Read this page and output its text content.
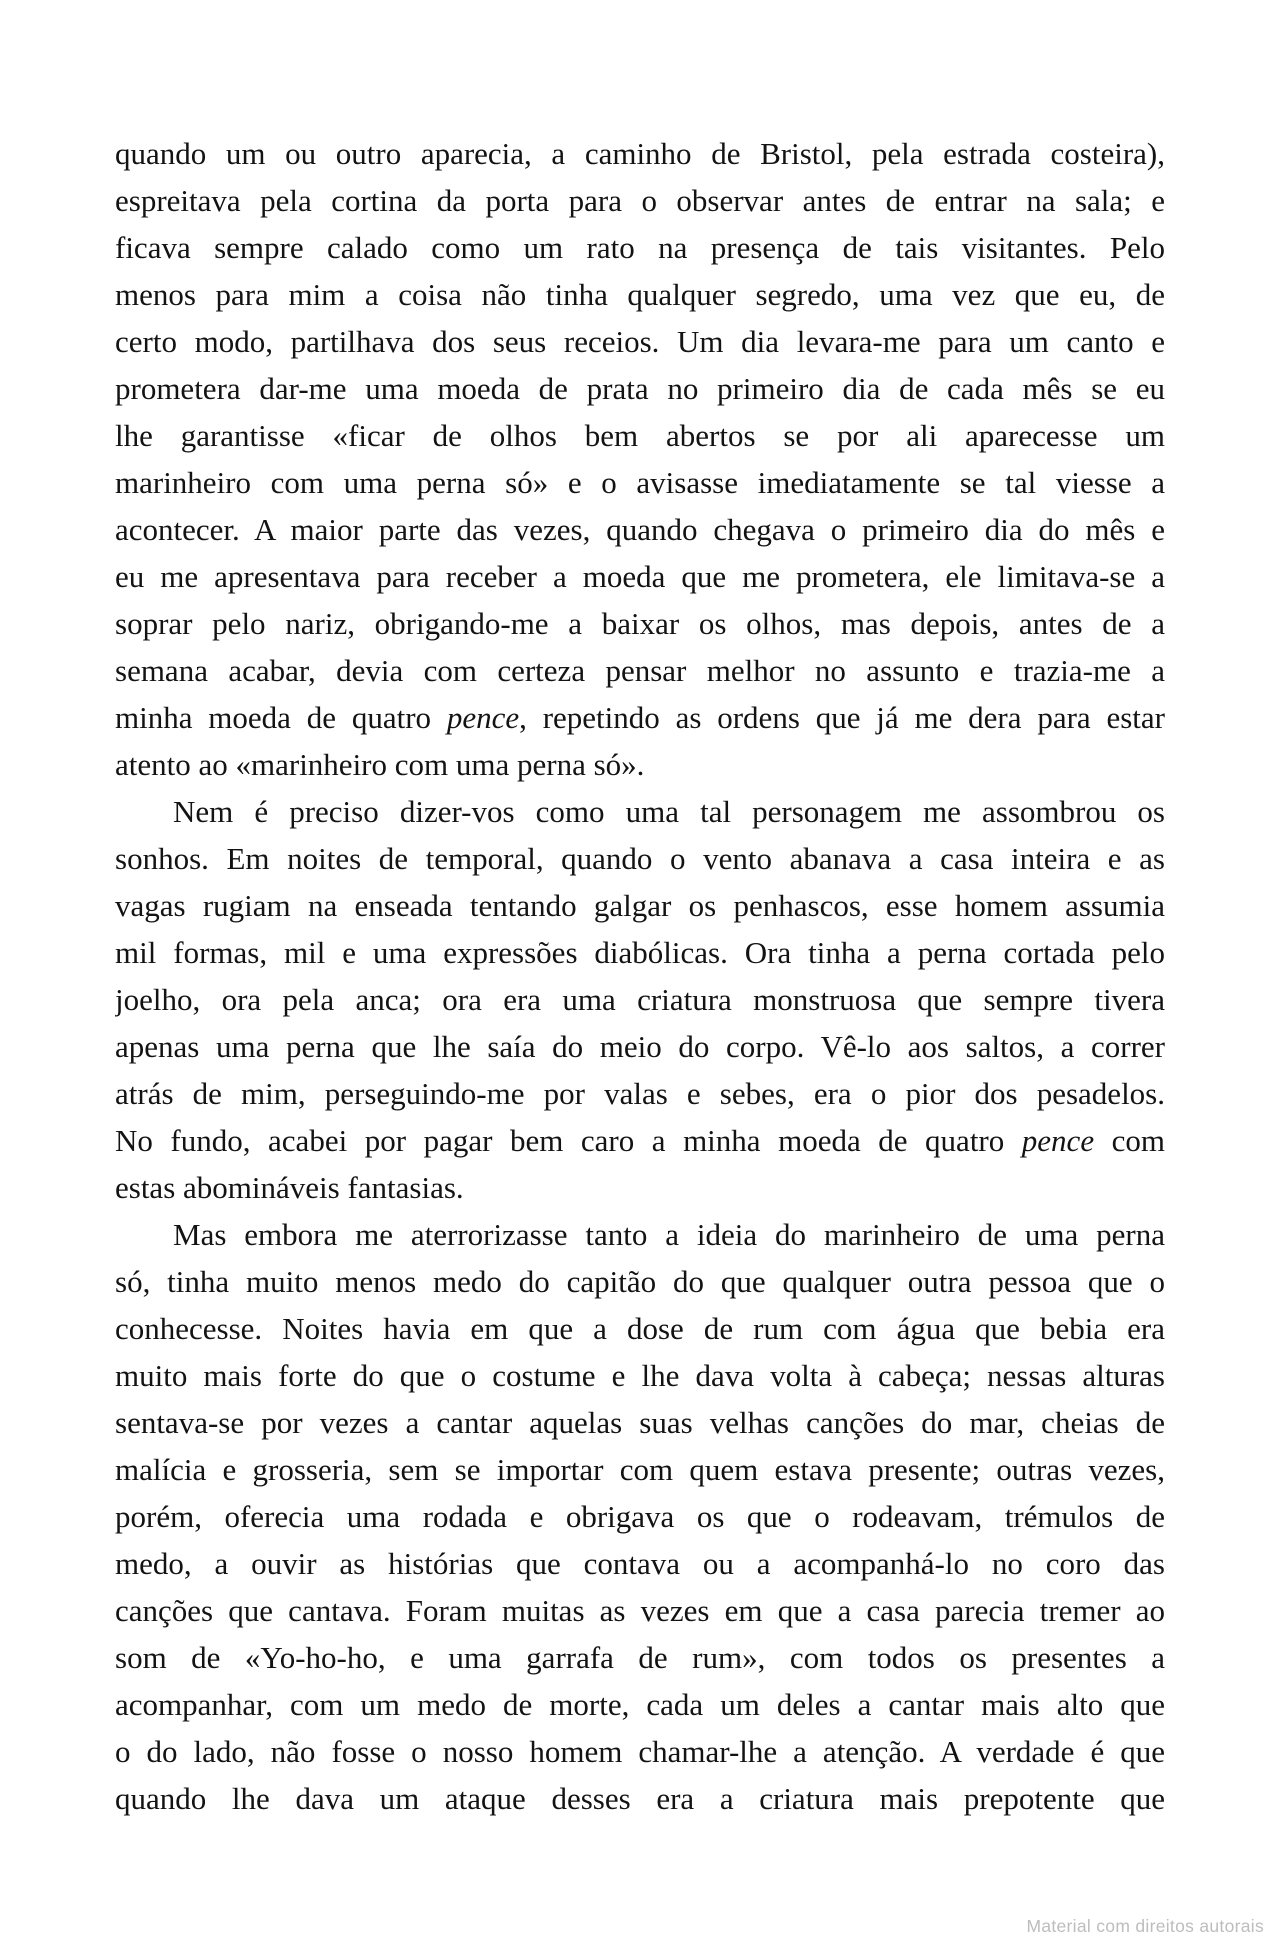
quando um ou outro aparecia, a caminho de Bristol, pela estrada costeira),
espreitava pela cortina da porta para o observar antes de entrar na sala; e
ficava sempre calado como um rato na presença de tais visitantes. Pelo
menos para mim a coisa não tinha qualquer segredo, uma vez que eu, de
certo modo, partilhava dos seus receios. Um dia levara-me para um canto e
prometera dar-me uma moeda de prata no primeiro dia de cada mês se eu
lhe garantisse «ficar de olhos bem abertos se por ali aparecesse um
marinheiro com uma perna só» e o avisasse imediatamente se tal viesse a
acontecer. A maior parte das vezes, quando chegava o primeiro dia do mês e
eu me apresentava para receber a moeda que me prometera, ele limitava-se a
soprar pelo nariz, obrigando-me a baixar os olhos, mas depois, antes de a
semana acabar, devia com certeza pensar melhor no assunto e trazia-me a
minha moeda de quatro pence, repetindo as ordens que já me dera para estar
atento ao «marinheiro com uma perna só».
Nem é preciso dizer-vos como uma tal personagem me assombrou os
sonhos. Em noites de temporal, quando o vento abanava a casa inteira e as
vagas rugiam na enseada tentando galgar os penhascos, esse homem assumia
mil formas, mil e uma expressões diabólicas. Ora tinha a perna cortada pelo
joelho, ora pela anca; ora era uma criatura monstruosa que sempre tivera
apenas uma perna que lhe saía do meio do corpo. Vê-lo aos saltos, a correr
atrás de mim, perseguindo-me por valas e sebes, era o pior dos pesadelos.
No fundo, acabei por pagar bem caro a minha moeda de quatro pence com
estas abomináveis fantasias.
Mas embora me aterrorizasse tanto a ideia do marinheiro de uma perna
só, tinha muito menos medo do capitão do que qualquer outra pessoa que o
conhecesse. Noites havia em que a dose de rum com água que bebia era
muito mais forte do que o costume e lhe dava volta à cabeça; nessas alturas
sentava-se por vezes a cantar aquelas suas velhas canções do mar, cheias de
malícia e grosseria, sem se importar com quem estava presente; outras vezes,
porém, oferecia uma rodada e obrigava os que o rodeavam, trémulos de
medo, a ouvir as histórias que contava ou a acompanhá-lo no coro das
canções que cantava. Foram muitas as vezes em que a casa parecia tremer ao
som de «Yo-ho-ho, e uma garrafa de rum», com todos os presentes a
acompanhar, com um medo de morte, cada um deles a cantar mais alto que
o do lado, não fosse o nosso homem chamar-lhe a atenção. A verdade é que
quando lhe dava um ataque desses era a criatura mais prepotente que
Material com direitos autorais
